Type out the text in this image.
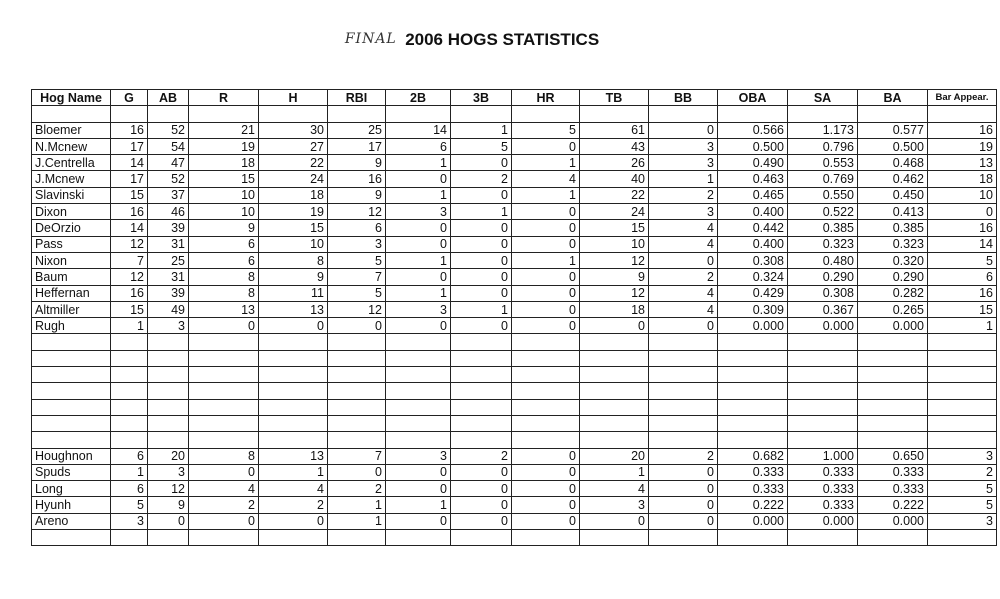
FINAL 2006 HOGS STATISTICS
Hog Name	G	AB	R	H	RBI	2B	3B	HR	TB	BB	OBA	SA	BA	Bar Appear.

Bloemer	16	52	21	30	25	14	1	5	61	0	0.566	1.173	0.577	16
N.Mcnew	17	54	19	27	17	6	5	0	43	3	0.500	0.796	0.500	19
J.Centrella	14	47	18	22	9	1	0	1	26	3	0.490	0.553	0.468	13
J.Mcnew	17	52	15	24	16	0	2	4	40	1	0.463	0.769	0.462	18
Slavinski	15	37	10	18	9	1	0	1	22	2	0.465	0.550	0.450	10
Dixon	16	46	10	19	12	3	1	0	24	3	0.400	0.522	0.413	0
DeOrzio	14	39	9	15	6	0	0	0	15	4	0.442	0.385	0.385	16
Pass	12	31	6	10	3	0	0	0	10	4	0.400	0.323	0.323	14
Nixon	7	25	6	8	5	1	0	1	12	0	0.308	0.480	0.320	5
Baum	12	31	8	9	7	0	0	0	9	2	0.324	0.290	0.290	6
Heffernan	16	39	8	11	5	1	0	0	12	4	0.429	0.308	0.282	16
Altmiller	15	49	13	13	12	3	1	0	18	4	0.309	0.367	0.265	15
Rugh	1	3	0	0	0	0	0	0	0	0	0.000	0.000	0.000	1

Houghnon	6	20	8	13	7	3	2	0	20	2	0.682	1.000	0.650	3
Spuds	1	3	0	1	0	0	0	0	1	0	0.333	0.333	0.333	2
Long	6	12	4	4	2	0	0	0	4	0	0.333	0.333	0.333	5
Hyunh	5	9	2	2	1	1	0	0	3	0	0.222	0.333	0.222	5
Areno	3	0	0	0	1	0	0	0	0	0	0.000	0.000	0.000	3
